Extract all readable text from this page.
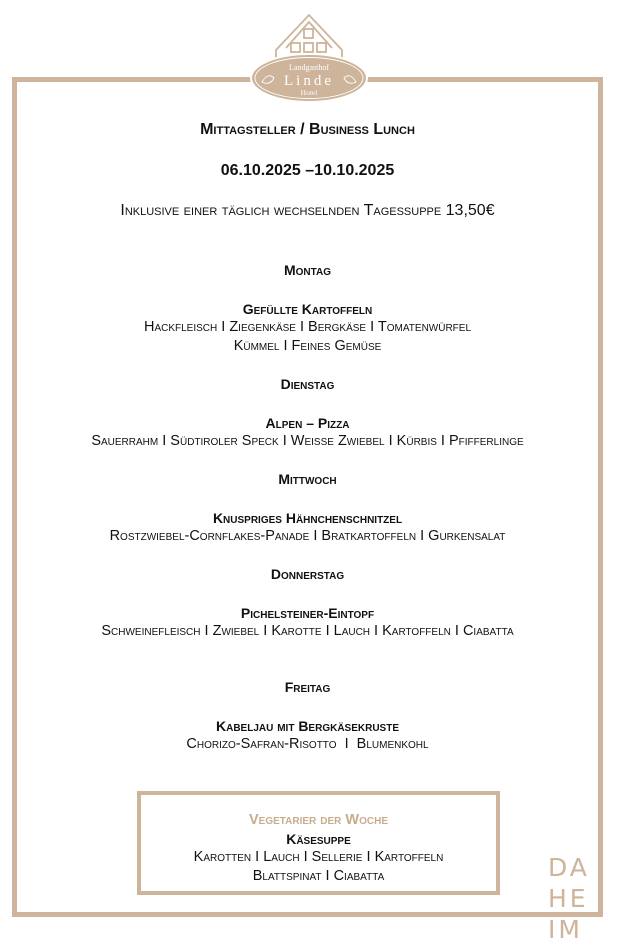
Landgasthof
Linde
Hotel
Mittagsteller / Business Lunch
06.10.2025 –10.10.2025
Inklusive einer täglich wechselnden Tagessuppe 13,50€
Montag
Gefüllte Kartoffeln
Hackfleisch I Ziegenkäse I Bergkäse I Tomatenwürfel
Kümmel I Feines Gemüse
Dienstag
Alpen – Pizza
Sauerrahm I Südtiroler Speck I Weiße Zwiebel I Kürbis I Pfifferlinge
Mittwoch
Knuspriges Hähnchenschnitzel
Rostzwiebel-Cornflakes-Panade I Bratkartoffeln I Gurkensalat
Donnerstag
Pichelsteiner-Eintopf
Schweinefleisch I Zwiebel I Karotte I Lauch I Kartoffeln I Ciabatta
Freitag
Kabeljau mit Bergkäsekruste
Chorizo-Safran-Risotto  I  Blumenkohl
Vegetarier der Woche
Käsesuppe
Karotten I Lauch I Sellerie I Kartoffeln
Blattspinat I Ciabatta	DA
HE
IM
